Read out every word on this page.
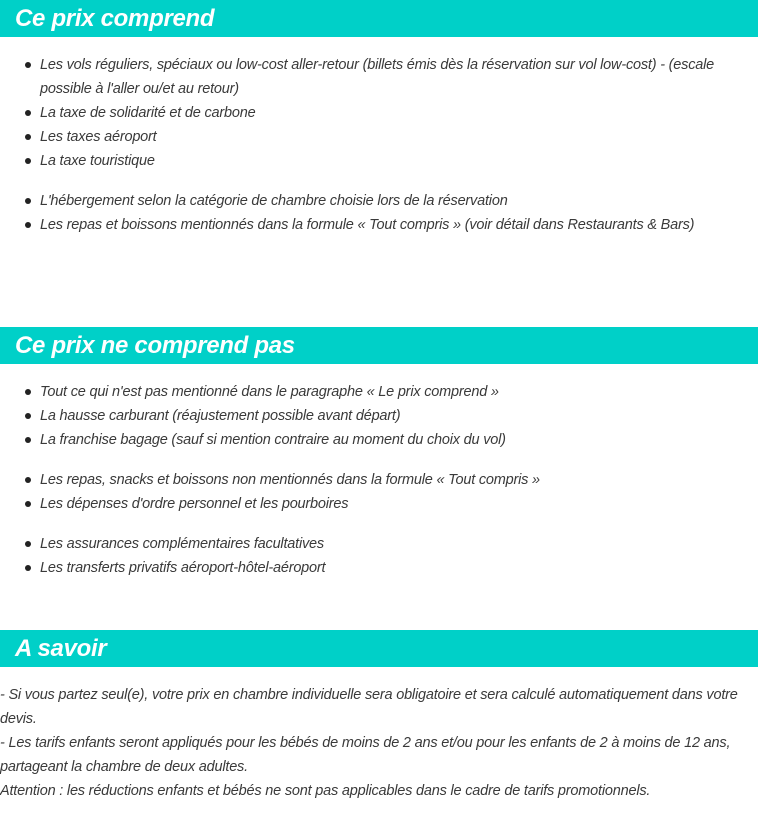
Ce prix comprend
Les vols réguliers, spéciaux ou low-cost aller-retour (billets émis dès la réservation sur vol low-cost) - (escale possible à l'aller ou/et au retour)
La taxe de solidarité et de carbone
Les taxes aéroport
La taxe touristique
L'hébergement selon la catégorie de chambre choisie lors de la réservation
Les repas et boissons mentionnés dans la formule « Tout compris » (voir détail dans Restaurants & Bars)
Ce prix ne comprend pas
Tout ce qui n'est pas mentionné dans le paragraphe « Le prix comprend »
La hausse carburant (réajustement possible avant départ)
La franchise bagage (sauf si mention contraire au moment du choix du vol)
Les repas, snacks et boissons non mentionnés dans la formule « Tout compris »
Les dépenses d'ordre personnel et les pourboires
Les assurances complémentaires facultatives
Les transferts privatifs aéroport-hôtel-aéroport
A savoir
- Si vous partez seul(e), votre prix en chambre individuelle sera obligatoire et sera calculé automatiquement dans votre devis.
- Les tarifs enfants seront appliqués pour les bébés de moins de 2 ans et/ou pour les enfants de 2 à moins de 12 ans, partageant la chambre de deux adultes.
Attention : les réductions enfants et bébés ne sont pas applicables dans le cadre de tarifs promotionnels.
